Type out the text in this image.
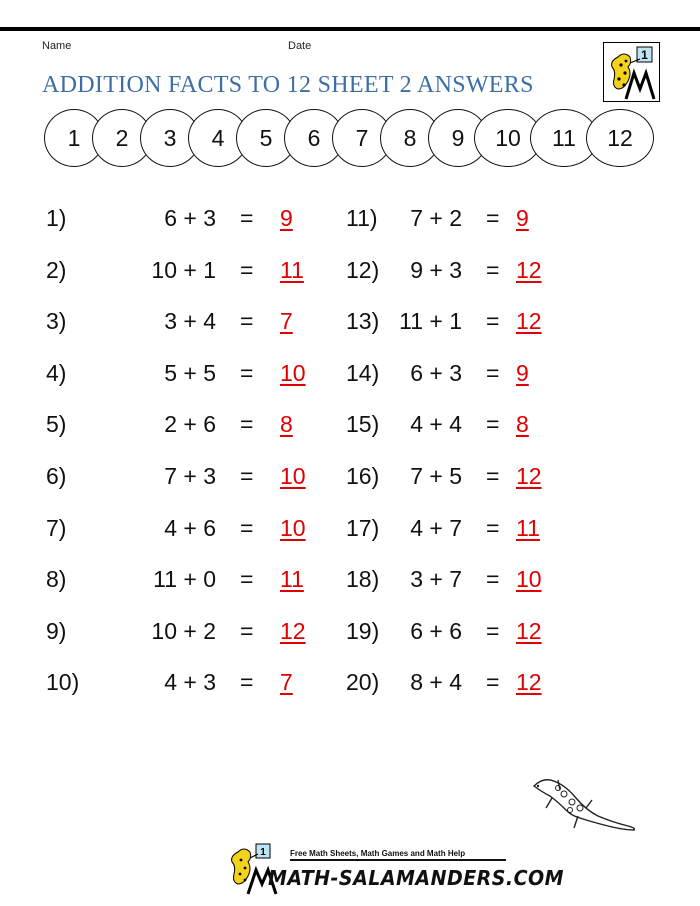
Name	Date
ADDITION FACTS TO 12 SHEET 2 ANSWERS
1
1	2	3	4	5	6	7	8	9	10	11	12
1)	6 + 3 = 9
2)	10 + 1 = 11
3)	3 + 4 = 7
4)	5 + 5 = 10
5)	2 + 6 = 8
6)	7 + 3 = 10
7)	4 + 6 = 10
8)	11 + 0 = 11
9)	10 + 2 = 12
10)	4 + 3 = 7
11)	7 + 2 = 9
12)	9 + 3 = 12
13) 11 + 1 = 12
14)	6 + 3 = 9
15)	4 + 4 = 8
16)	7 + 5 = 12
17)	4 + 7 = 11
18)	3 + 7 = 10
19)	6 + 6 = 12
20)	8 + 4 = 12
1	Free Math Sheets, Math Games and Math Help
MATH-SALAMANDERS.COM
